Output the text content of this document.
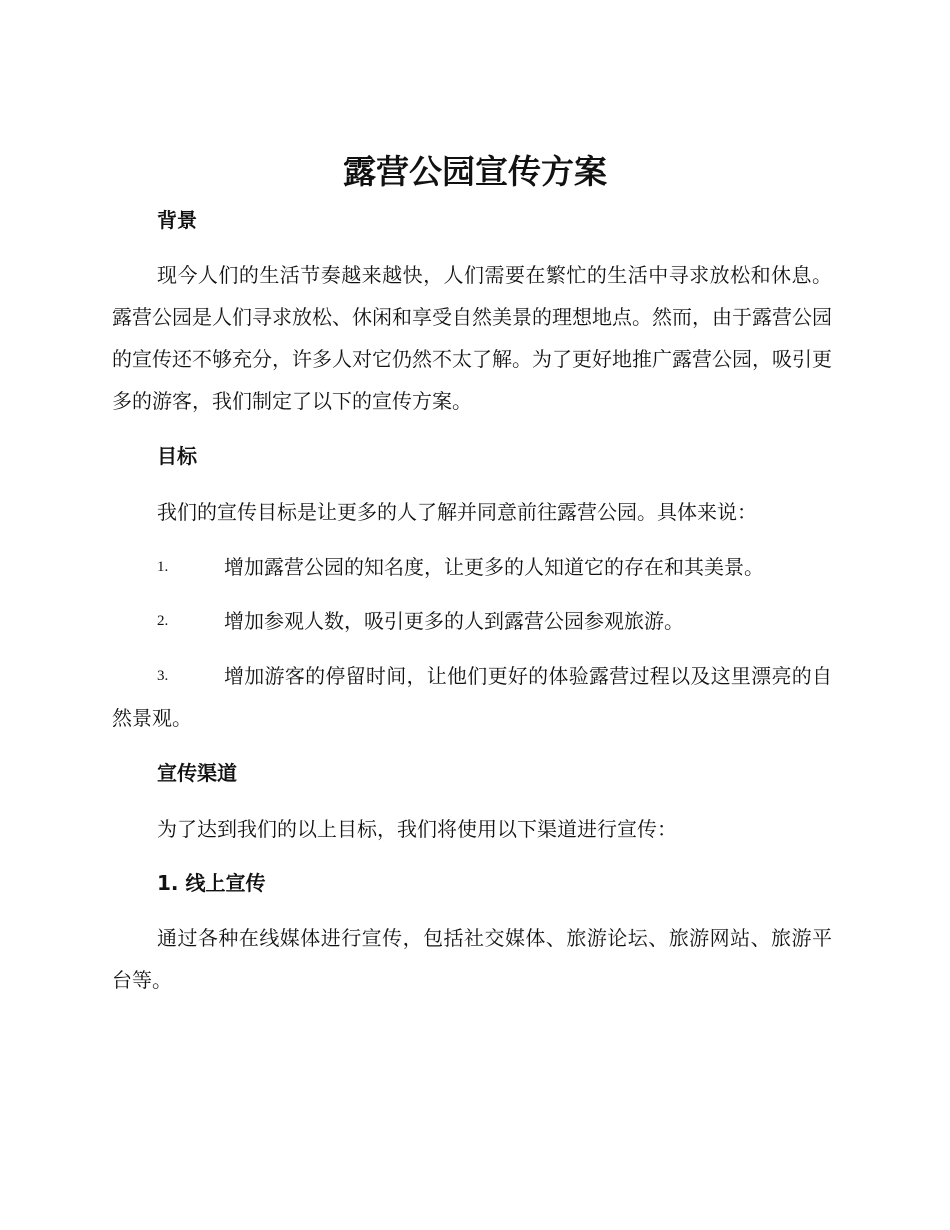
露营公园宣传方案
背景
现今人们的生活节奏越来越快，人们需要在繁忙的生活中寻求放松和休息。露营公园是人们寻求放松、休闲和享受自然美景的理想地点。然而，由于露营公园的宣传还不够充分，许多人对它仍然不太了解。为了更好地推广露营公园，吸引更多的游客，我们制定了以下的宣传方案。
目标
我们的宣传目标是让更多的人了解并同意前往露营公园。具体来说：
1.	增加露营公园的知名度，让更多的人知道它的存在和其美景。
2.	增加参观人数，吸引更多的人到露营公园参观旅游。
3.	增加游客的停留时间，让他们更好的体验露营过程以及这里漂亮的自然景观。
宣传渠道
为了达到我们的以上目标，我们将使用以下渠道进行宣传：
1. 线上宣传
通过各种在线媒体进行宣传，包括社交媒体、旅游论坛、旅游网站、旅游平台等。
